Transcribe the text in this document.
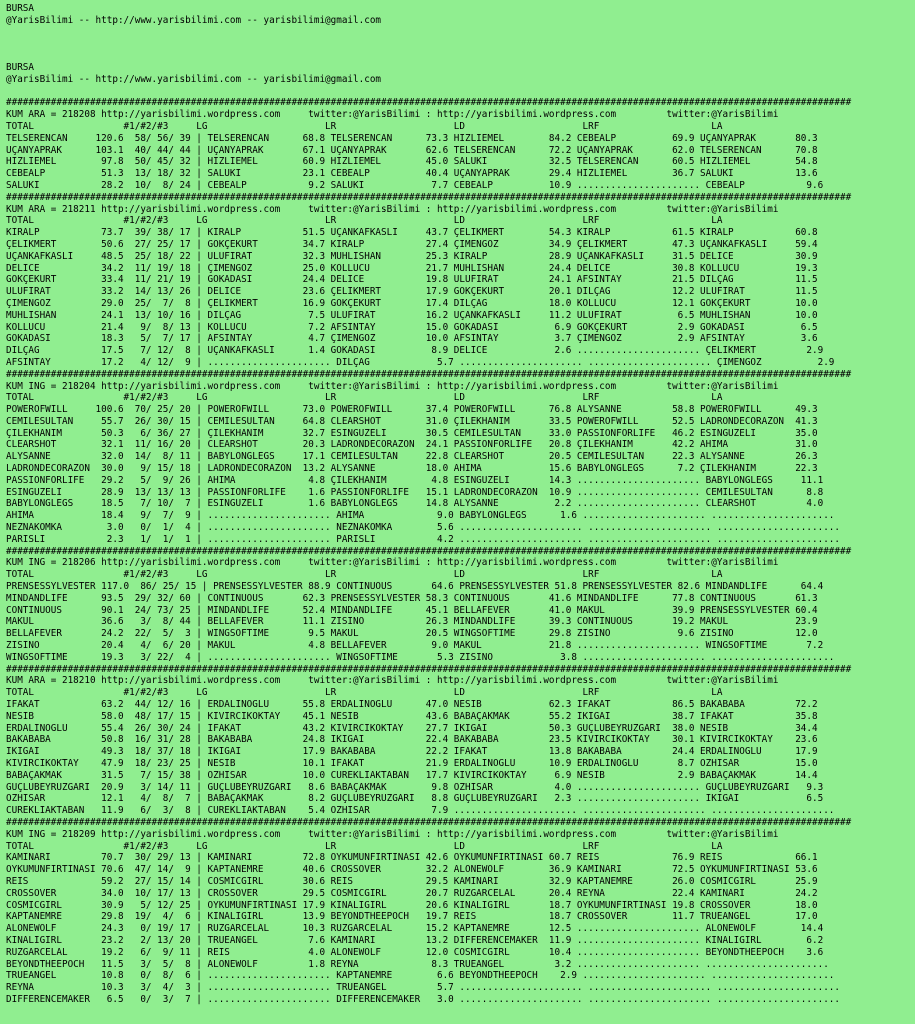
BURSA
@YarisBilimi -- http://www.yarisbilimi.com -- yarisbilimi@gmail.com

BURSA
@YarisBilimi -- http://www.yarisbilimi.com -- yarisbilimi@gmail.com

#######################################################################################################################################################
KUM ARA = 218208 http://yarisbilimi.wordpress.com     twitter:@YarisBilimi : http://yarisbilimi.wordpress.com         twitter:@YarisBilimi
TOTAL                #1/#2/#3     LG                     LR                     LD                     LRF                    LA
TELSERENCAN     120.6  58/ 56/ 39 | TELSERENCAN      68.8 TELSERENCAN      73.3 HIZLIEMEL        84.2 CEBEALP          69.9 UÇANYAPRAK       80.3
UÇANYAPRAK      103.1  40/ 44/ 44 | UÇANYAPRAK       67.1 UÇANYAPRAK       62.6 TELSERENCAN      72.2 UÇANYAPRAK       62.0 TELSERENCAN      70.8
HIZLIEMEL        97.8  50/ 45/ 32 | HIZLIEMEL        60.9 HIZLIEMEL        45.0 SALUKI           32.5 TELSERENCAN      60.5 HIZLIEMEL        54.8
CEBEALP          51.3  13/ 18/ 32 | SALUKI           23.1 CEBEALP          40.4 UÇANYAPRAK       29.4 HIZLIEMEL        36.7 SALUKI           13.6
SALUKI           28.2  10/  8/ 24 | CEBEALP           9.2 SALUKI            7.7 CEBEALP          10.9 ...................... CEBEALP           9.6
#######################################################################################################################################################
KUM ARA = 218211 http://yarisbilimi.wordpress.com     twitter:@YarisBilimi : http://yarisbilimi.wordpress.com         twitter:@YarisBilimi
TOTAL                #1/#2/#3     LG                     LR                     LD                     LRF                    LA
KIRALP           73.7  39/ 38/ 17 | KIRALP           51.5 UÇANKAFKASLI     43.7 ÇELIKMERT        54.3 KIRALP           61.5 KIRALP           60.8
ÇELIKMERT        50.6  27/ 25/ 17 | GÖKÇEKURT        34.7 KIRALP           27.4 ÇIMENGÖZ         34.9 ÇELIKMERT        47.3 UÇANKAFKASLI     59.4
UÇANKAFKASLI     48.5  25/ 18/ 22 | ULUFIRAT         32.3 MUHLISHAN        25.3 KIRALP           28.9 UÇANKAFKASLI     31.5 DELICE           30.9
DELICE           34.2  11/ 19/ 18 | ÇIMENGÖZ         25.0 KOLLUCU          21.7 MUHLISHAN        24.4 DELICE           30.8 KOLLUCU          19.3
GÖKÇEKURT        33.4  11/ 21/ 19 | GÖKADASI         24.4 DELICE           19.8 ULUFIRAT         24.1 AFSINTAY         21.5 DILÇAG           11.5
ULUFIRAT         33.2  14/ 13/ 26 | DELICE           23.6 ÇELIKMERT        17.9 GÖKÇEKURT        20.1 DILÇAG           12.2 ULUFIRAT         11.5
ÇIMENGÖZ         29.0  25/  7/  8 | ÇELIKMERT        16.9 GÖKÇEKURT        17.4 DILÇAG           18.0 KOLLUCU          12.1 GÖKÇEKURT        10.0
MUHLISHAN        24.1  13/ 10/ 16 | DILÇAG            7.5 ULUFIRAT         16.2 UÇANKAFKASLI     11.2 ULUFIRAT          6.5 MUHLISHAN        10.0
KOLLUCU          21.4   9/  8/ 13 | KOLLUCU           7.2 AFSINTAY         15.0 GÖKADASI          6.9 GÖKÇEKURT         2.9 GÖKADASI          6.5
GÖKADASI         18.3   5/  7/ 17 | AFSINTAY          4.7 ÇIMENGÖZ         10.0 AFSINTAY          3.7 ÇIMENGÖZ          2.9 AFSINTAY          3.6
DILÇAG           17.5   7/ 12/  8 | UÇANKAFKASLI      1.4 GÖKADASI          8.9 DELICE            2.6 ...................... ÇELIKMERT         2.9
AFSINTAY         17.2   4/ 12/  9 | ...................... DILÇAG            5.7 ...................... ...................... ÇIMENGÖZ          2.9
#######################################################################################################################################################
KUM ING = 218204 http://yarisbilimi.wordpress.com     twitter:@YarisBilimi : http://yarisbilimi.wordpress.com         twitter:@YarisBilimi
TOTAL                #1/#2/#3     LG                     LR                     LD                     LRF                    LA
POWEROFWILL     100.6  70/ 25/ 20 | POWEROFWILL      73.0 POWEROFWILL      37.4 POWEROFWILL      76.8 ALYSANNE         58.8 POWEROFWILL      49.3
CEMILESULTAN     55.7  26/ 30/ 15 | CEMILESULTAN     64.8 CLEARSHOT        31.0 ÇILEKHANIM       33.5 POWEROFWILL      52.5 LADRONDECORAZON  41.3
ÇILEKHANIM       50.3   6/ 36/ 27 | ÇILEKHANIM       32.7 ESINGÜZELI       30.5 CEMILESULTAN     33.0 PASSIONFORLIFE   46.2 ESINGÜZELI       35.0
CLEARSHOT        32.1  11/ 16/ 20 | CLEARSHOT        20.3 LADRONDECORAZON  24.1 PASSIONFORLIFE   20.8 ÇILEKHANIM       42.2 AHIMA            31.0
ALYSANNE         32.0  14/  8/ 11 | BABYLONGLEGS     17.1 CEMILESULTAN     22.8 CLEARSHOT        20.5 CEMILESULTAN     22.3 ALYSANNE         26.3
LADRONDECORAZON  30.0   9/ 15/ 18 | LADRONDECORAZON  13.2 ALYSANNE         18.0 AHIMA            15.6 BABYLONGLEGS      7.2 ÇILEKHANIM       22.3
PASSIONFORLIFE   29.2   5/  9/ 26 | AHIMA             4.8 ÇILEKHANIM        4.8 ESINGÜZELI       14.3 ...................... BABYLONGLEGS     11.1
ESINGÜZELI       28.9  13/ 13/ 13 | PASSIONFORLIFE    1.6 PASSIONFORLIFE   15.1 LADRONDECORAZON  10.9 ...................... CEMILESULTAN      8.8
BABYLONGLEGS     18.5   7/ 10/  7 | ESINGÜZELI        1.6 BABYLONGLEGS     14.8 ALYSANNE          2.2 ...................... CLEARSHOT         4.0
AHIMA            18.4   9/  7/  9 | ...................... AHIMA             9.0 BABYLONGLEGS      1.6 ...................... ......................
NEZNAKOMKA        3.0   0/  1/  4 | ...................... NEZNAKOMKA        5.6 ...................... ...................... ......................
PARISLI           2.3   1/  1/  1 | ...................... PARISLI           4.2 ...................... ...................... ......................
#######################################################################################################################################################
KUM ING = 218206 http://yarisbilimi.wordpress.com     twitter:@YarisBilimi : http://yarisbilimi.wordpress.com         twitter:@YarisBilimi
TOTAL                #1/#2/#3     LG                     LR                     LD                     LRF                    LA
PRENSESSYLVESTER 117.0  86/ 25/ 15 | PRENSESSYLVESTER 88.9 CONTINUOUS       64.6 PRENSESSYLVESTER 51.8 PRENSESSYLVESTER 82.6 MINDANDLIFE      64.4
MINDANDLIFE      93.5  29/ 32/ 60 | CONTINUOUS       62.3 PRENSESSYLVESTER 58.3 CONTINUOUS       41.6 MINDANDLIFE      77.8 CONTINUOUS       61.3
CONTINUOUS       90.1  24/ 73/ 25 | MINDANDLIFE      52.4 MINDANDLIFE      45.1 BELLAFEVER       41.0 MAKUL            39.9 PRENSESSYLVESTER 60.4
MAKUL            36.6   3/  8/ 44 | BELLAFEVER       11.1 ZISINO           26.3 MINDANDLIFE      39.3 CONTINUOUS       19.2 MAKUL            23.9
BELLAFEVER       24.2  22/  5/  3 | WINGSOFTIME       9.5 MAKUL            20.5 WINGSOFTIME      29.8 ZISINO            9.6 ZISINO           12.0
ZISINO           20.4   4/  6/ 20 | MAKUL             4.8 BELLAFEVER        9.0 MAKUL            21.8 ...................... WINGSOFTIME       7.2
WINGSOFTIME      19.3   3/ 22/  4 | ...................... WINGSOFTIME       5.3 ZISINO            3.8 ...................... ......................
#######################################################################################################################################################
KUM ARA = 218210 http://yarisbilimi.wordpress.com     twitter:@YarisBilimi : http://yarisbilimi.wordpress.com         twitter:@YarisBilimi
TOTAL                #1/#2/#3     LG                     LR                     LD                     LRF                    LA
IFAKAT           63.2  44/ 12/ 16 | ERDALINOGLU      55.8 ERDALINOGLU      47.0 NESIB            62.3 IFAKAT           86.5 BAKABABA         72.2
NESIB            58.0  48/ 17/ 15 | KIVIRCIKOKTAY    45.1 NESIB            43.6 BABAÇAKMAK       55.2 IKIGAI           38.7 IFAKAT           35.8
ERDALINOGLU      55.4  26/ 30/ 24 | IFAKAT           43.2 KIVIRCIKOKTAY    27.7 IKIGAI           50.3 GÜÇLÜBEYRÜZGARI  38.0 NESIB            34.4
BAKABABA         50.8  16/ 31/ 28 | BAKABABA         24.8 IKIGAI           22.4 BAKABABA         23.5 KIVIRCIKOKTAY    30.1 KIVIRCIKOKTAY    23.6
IKIGAI           49.3  18/ 37/ 18 | IKIGAI           17.9 BAKABABA         22.2 IFAKAT           13.8 BAKABABA         24.4 ERDALINOGLU      17.9
KIVIRCIKOKTAY    47.9  18/ 23/ 25 | NESIB            10.1 IFAKAT           21.9 ERDALINOGLU      10.9 ERDALINOGLU       8.7 ÖZHISAR          15.0
BABAÇAKMAK       31.5   7/ 15/ 38 | ÖZHISAR          10.0 CÜREKLIAKTABAN   17.7 KIVIRCIKOKTAY     6.9 NESIB             2.9 BABAÇAKMAK       14.4
GÜÇLÜBEYRÜZGARI  20.9   3/ 14/ 11 | GÜÇLÜBEYRÜZGARI   8.6 BABAÇAKMAK        9.8 ÖZHISAR           4.0 ...................... GÜÇLÜBEYRÜZGARI   9.3
ÖZHISAR          12.1   4/  8/  7 | BABAÇAKMAK        8.2 GÜÇLÜBEYRÜZGARI   8.8 GÜÇLÜBEYRÜZGARI   2.3 ...................... IKIGAI            6.5
CÜREKLIAKTABAN   11.9   6/  3/  8 | CÜREKLIAKTABAN    5.4 ÖZHISAR           7.9 ...................... ...................... ......................
#######################################################################################################################################################
KUM ING = 218209 http://yarisbilimi.wordpress.com     twitter:@YarisBilimi : http://yarisbilimi.wordpress.com         twitter:@YarisBilimi
TOTAL                #1/#2/#3     LG                     LR                     LD                     LRF                    LA
KAMINARI         70.7  30/ 29/ 13 | KAMINARI         72.8 ÖYKÜMÜNFIRTINASI 42.6 ÖYKÜMÜNFIRTINASI 60.7 REIS             76.9 REIS             66.1
ÖYKÜMÜNFIRTINASI 70.6  47/ 14/  9 | KAPTANEMRE       40.6 CROSSOVER        32.2 ALONEWOLF        36.9 KAMINARI         72.5 ÖYKÜMÜNFIRTINASI 53.6
REIS             59.2  27/ 15/ 14 | COSMICGIRL       30.6 REIS             29.5 KAMINARI         32.9 KAPTANEMRE       26.0 COSMICGIRL       25.9
CROSSOVER        34.0  10/ 17/ 13 | CROSSOVER        29.5 COSMICGIRL       20.7 RÜZGARCELAL      20.4 REYNA            22.4 KAMINARI         24.2
COSMICGIRL       30.9   5/ 12/ 25 | ÖYKÜMÜNFIRTINASI 17.9 KINALIGIRL       20.6 KINALIGIRL       18.7 ÖYKÜMÜNFIRTINASI 19.8 CROSSOVER        18.0
KAPTANEMRE       29.8  19/  4/  6 | KINALIGIRL       13.9 BEYONDTHEEPOCH   19.7 REIS             18.7 CROSSOVER        11.7 TRUEANGEL        17.0
ALONEWOLF        24.3   0/ 19/ 17 | RÜZGARCELAL      10.3 RÜZGARCELAL      15.2 KAPTANEMRE       12.5 ...................... ALONEWOLF        14.4
KINALIGIRL       23.2   2/ 13/ 20 | TRUEANGEL         7.6 KAMINARI         13.2 DIFFERENCEMAKER  11.9 ...................... KINALIGIRL        6.2
RÜZGARCELAL      19.2   6/  9/ 11 | REIS              4.0 ALONEWOLF        12.0 COSMICGIRL       10.4 ...................... BEYONDTHEEPOCH    3.6
BEYONDTHEEPOCH   11.5   3/  5/  8 | ALONEWOLF         1.8 REYNA             8.3 TRUEANGEL         3.2 ...................... ......................
TRUEANGEL        10.8   0/  8/  6 | ...................... KAPTANEMRE        6.6 BEYONDTHEEPOCH    2.9 ...................... ......................
REYNA            10.3   3/  4/  3 | ...................... TRUEANGEL         5.7 ...................... ...................... ......................
DIFFERENCEMAKER   6.5   0/  3/  7 | ...................... DIFFERENCEMAKER   3.0 ...................... ...................... ......................
